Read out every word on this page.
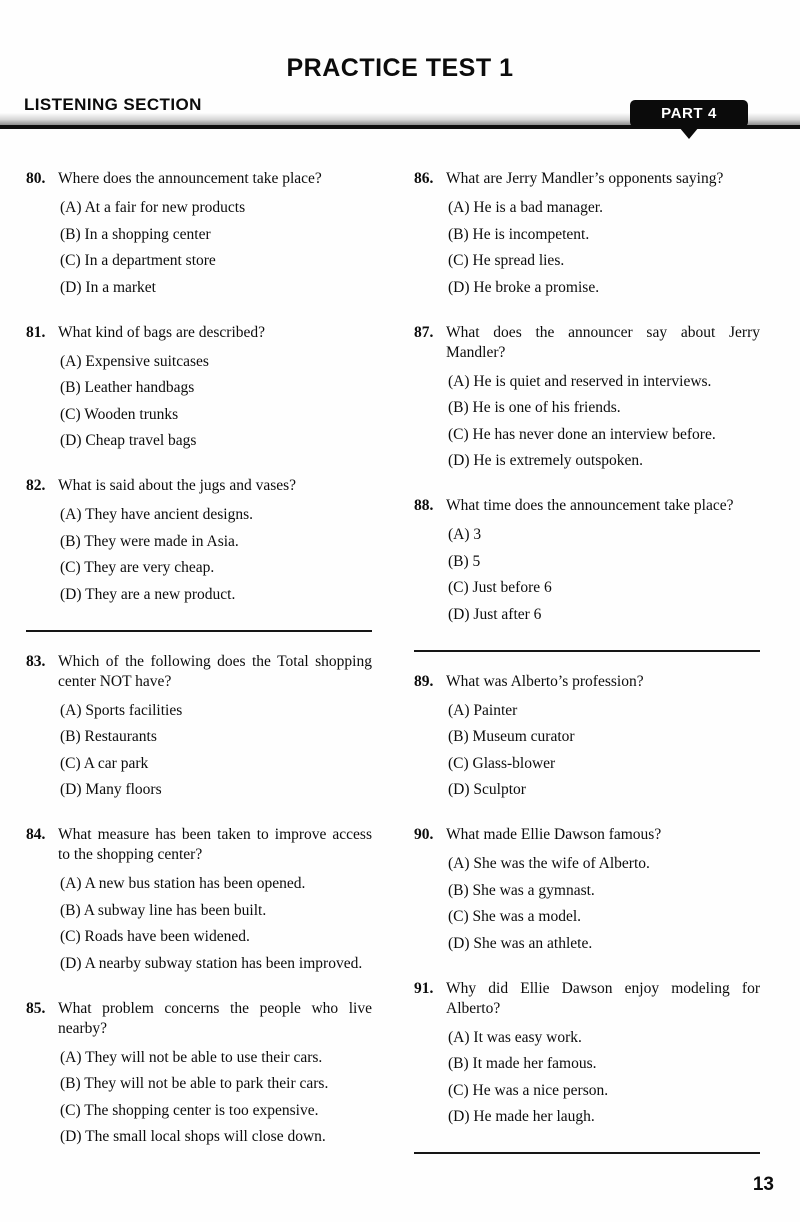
PRACTICE TEST 1
LISTENING SECTION	PART 4
80. Where does the announcement take place?
(A) At a fair for new products
(B) In a shopping center
(C) In a department store
(D) In a market
81. What kind of bags are described?
(A) Expensive suitcases
(B) Leather handbags
(C) Wooden trunks
(D) Cheap travel bags
82. What is said about the jugs and vases?
(A) They have ancient designs.
(B) They were made in Asia.
(C) They are very cheap.
(D) They are a new product.
83. Which of the following does the Total shopping center NOT have?
(A) Sports facilities
(B) Restaurants
(C) A car park
(D) Many floors
84. What measure has been taken to improve access to the shopping center?
(A) A new bus station has been opened.
(B) A subway line has been built.
(C) Roads have been widened.
(D) A nearby subway station has been improved.
85. What problem concerns the people who live nearby?
(A) They will not be able to use their cars.
(B) They will not be able to park their cars.
(C) The shopping center is too expensive.
(D) The small local shops will close down.
86. What are Jerry Mandler’s opponents saying?
(A) He is a bad manager.
(B) He is incompetent.
(C) He spread lies.
(D) He broke a promise.
87. What does the announcer say about Jerry Mandler?
(A) He is quiet and reserved in interviews.
(B) He is one of his friends.
(C) He has never done an interview before.
(D) He is extremely outspoken.
88. What time does the announcement take place?
(A) 3
(B) 5
(C) Just before 6
(D) Just after 6
89. What was Alberto’s profession?
(A) Painter
(B) Museum curator
(C) Glass-blower
(D) Sculptor
90. What made Ellie Dawson famous?
(A) She was the wife of Alberto.
(B) She was a gymnast.
(C) She was a model.
(D) She was an athlete.
91. Why did Ellie Dawson enjoy modeling for Alberto?
(A) It was easy work.
(B) It made her famous.
(C) He was a nice person.
(D) He made her laugh.
13
